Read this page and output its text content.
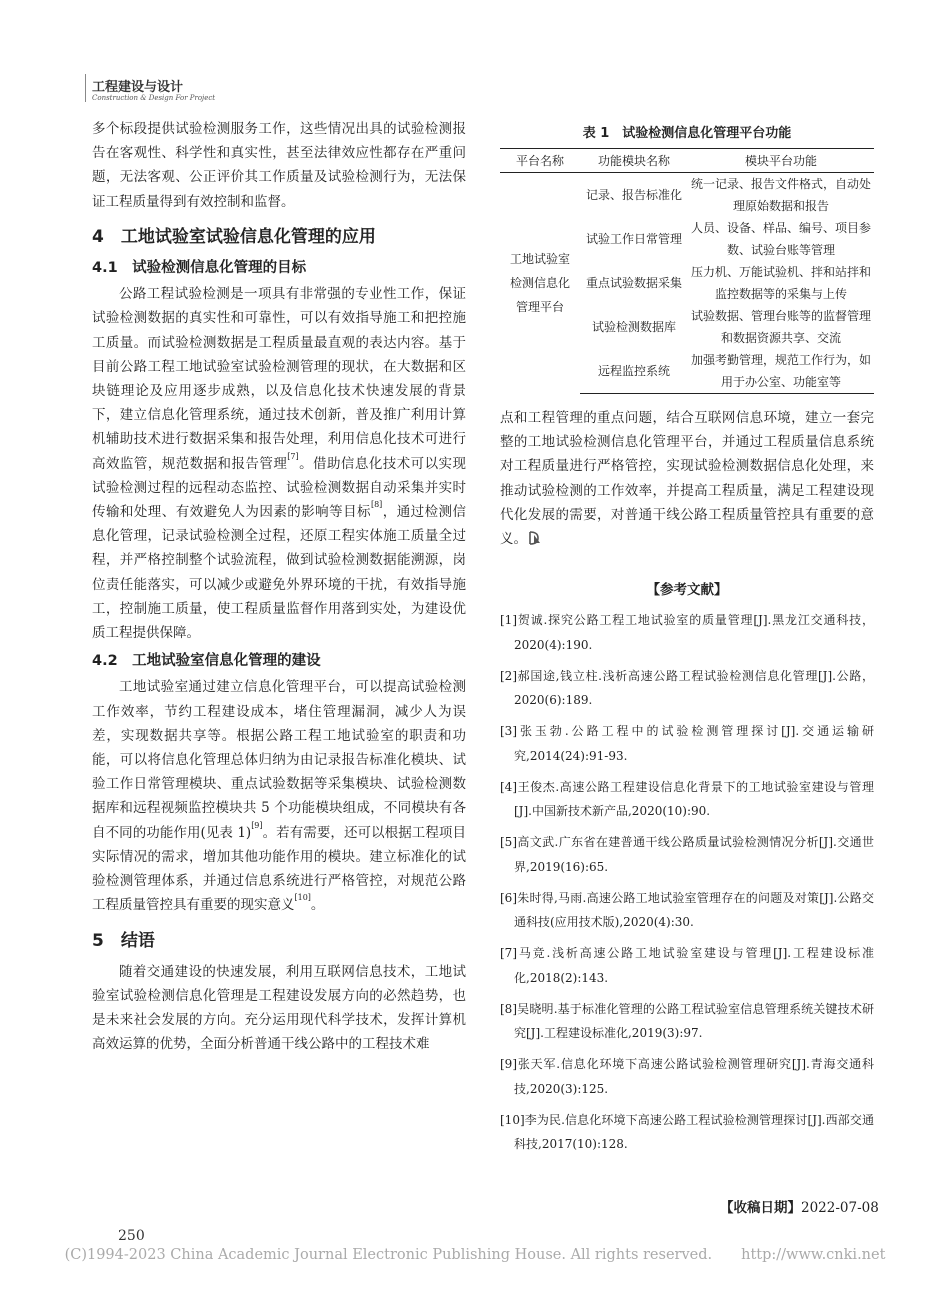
工程建设与设计
Construction & Design For Project

多个标段提供试验检测服务工作，这些情况出具的试验检测报告在客观性、科学性和真实性，甚至法律效应性都存在严重问题，无法客观、公正评价其工作质量及试验检测行为，无法保证工程质量得到有效控制和监督。

4　工地试验室试验信息化管理的应用
4.1　试验检测信息化管理的目标

公路工程试验检测是一项具有非常强的专业性工作，保证试验检测数据的真实性和可靠性，可以有效指导施工和把控施工质量。而试验检测数据是工程质量最直观的表达内容。基于目前公路工程工地试验室试验检测管理的现状，在大数据和区块链理论及应用逐步成熟，以及信息化技术快速发展的背景下，建立信息化管理系统，通过技术创新，普及推广利用计算机辅助技术进行数据采集和报告处理，利用信息化技术可进行高效监管，规范数据和报告管理[7]。借助信息化技术可以实现试验检测过程的远程动态监控、试验检测数据自动采集并实时传输和处理、有效避免人为因素的影响等目标[8]，通过检测信息化管理，记录试验检测全过程，还原工程实体施工质量全过程，并严格控制整个试验流程，做到试验检测数据能溯源，岗位责任能落实，可以减少或避免外界环境的干扰，有效指导施工，控制施工质量，使工程质量监督作用落到实处，为建设优质工程提供保障。

4.2　工地试验室信息化管理的建设

工地试验室通过建立信息化管理平台，可以提高试验检测工作效率，节约工程建设成本，堵住管理漏洞，减少人为误差，实现数据共享等。根据公路工程工地试验室的职责和功能，可以将信息化管理总体归纳为由记录报告标准化模块、试验工作日常管理模块、重点试验数据等采集模块、试验检测数据库和远程视频监控模块共 5 个功能模块组成，不同模块有各自不同的功能作用(见表 1)[9]。若有需要，还可以根据工程项目实际情况的需求，增加其他功能作用的模块。建立标准化的试验检测管理体系，并通过信息系统进行严格管控，对规范公路工程质量管控具有重要的现实意义[10]。

5　结语

随着交通建设的快速发展，利用互联网信息技术，工地试验室试验检测信息化管理是工程建设发展方向的必然趋势，也是未来社会发展的方向。充分运用现代科学技术，发挥计算机高效运算的优势，全面分析普通干线公路中的工程技术难

表 1　试验检测信息化管理平台功能
平台名称	功能模块名称	模块平台功能
工地试验室检测信息化管理平台	记录、报告标准化	统一记录、报告文件格式，自动处理原始数据和报告
	试验工作日常管理	人员、设备、样品、编号、项目参数、试验台账等管理
	重点试验数据采集	压力机、万能试验机、拌和站拌和监控数据等的采集与上传
	试验检测数据库	试验数据、管理台账等的监督管理和数据资源共享、交流
	远程监控系统	加强考勤管理，规范工作行为，如用于办公室、功能室等

点和工程管理的重点问题，结合互联网信息环境，建立一套完整的工地试验检测信息化管理平台，并通过工程质量信息系统对工程质量进行严格管控，实现试验检测数据信息化处理，来推动试验检测的工作效率，并提高工程质量，满足工程建设现代化发展的需要，对普通干线公路工程质量管控具有重要的意义。

【参考文献】
[1]贺诚.探究公路工程工地试验室的质量管理[J].黑龙江交通科技，2020(4):190.
[2]郝国途,钱立柱.浅析高速公路工程试验检测信息化管理[J].公路，2020(6):189.
[3]张玉勃.公路工程中的试验检测管理探讨[J].交通运输研究,2014(24):91-93.
[4]王俊杰.高速公路工程建设信息化背景下的工地试验室建设与管理[J].中国新技术新产品,2020(10):90.
[5]高文武.广东省在建普通干线公路质量试验检测情况分析[J].交通世界,2019(16):65.
[6]朱时得,马雨.高速公路工地试验室管理存在的问题及对策[J].公路交通科技(应用技术版),2020(4):30.
[7]马竞.浅析高速公路工地试验室建设与管理[J].工程建设标准化,2018(2):143.
[8]吴晓明.基于标准化管理的公路工程试验室信息管理系统关键技术研究[J].工程建设标准化,2019(3):97.
[9]张天军.信息化环境下高速公路试验检测管理研究[J].青海交通科技,2020(3):125.
[10]李为民.信息化环境下高速公路工程试验检测管理探讨[J].西部交通科技,2017(10):128.
【收稿日期】2022-07-08
250
(C)1994-2023 China Academic Journal Electronic Publishing House. All rights reserved.　　http://www.cnki.net
